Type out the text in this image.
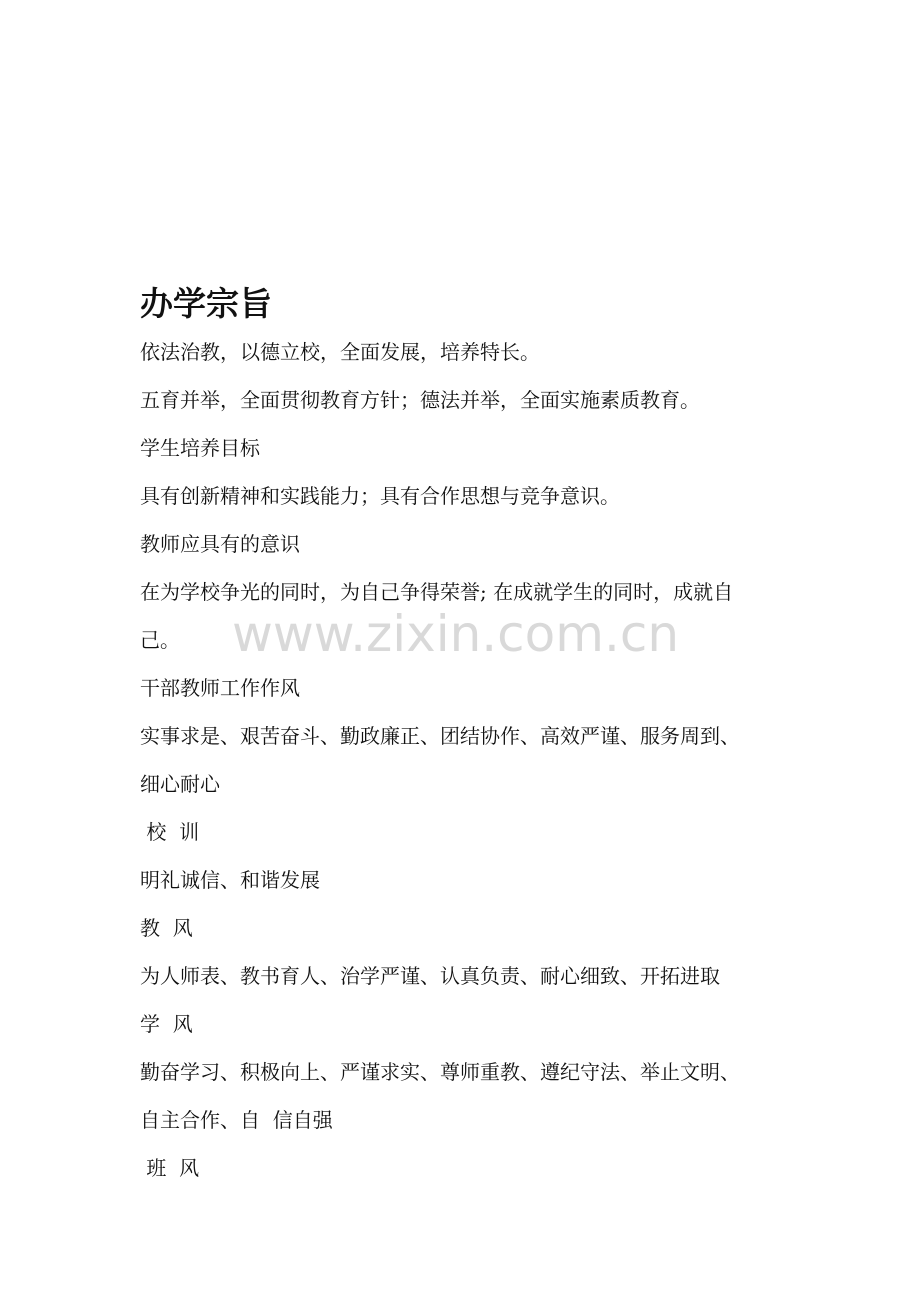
办学宗旨
依法治教，以德立校，全面发展，培养特长。
五育并举，全面贯彻教育方针；德法并举，全面实施素质教育。
学生培养目标
具有创新精神和实践能力；具有合作思想与竞争意识。
教师应具有的意识
在为学校争光的同时，为自己争得荣誉; 在成就学生的同时，成就自
己。
干部教师工作作风
实事求是、艰苦奋斗、勤政廉正、团结协作、高效严谨、服务周到、
细心耐心
校  训
明礼诚信、和谐发展
教  风
为人师表、教书育人、治学严谨、认真负责、耐心细致、开拓进取
学  风
勤奋学习、积极向上、严谨求实、尊师重教、遵纪守法、举止文明、
自主合作、自  信自强
班  风
www.zixin.com.cn
